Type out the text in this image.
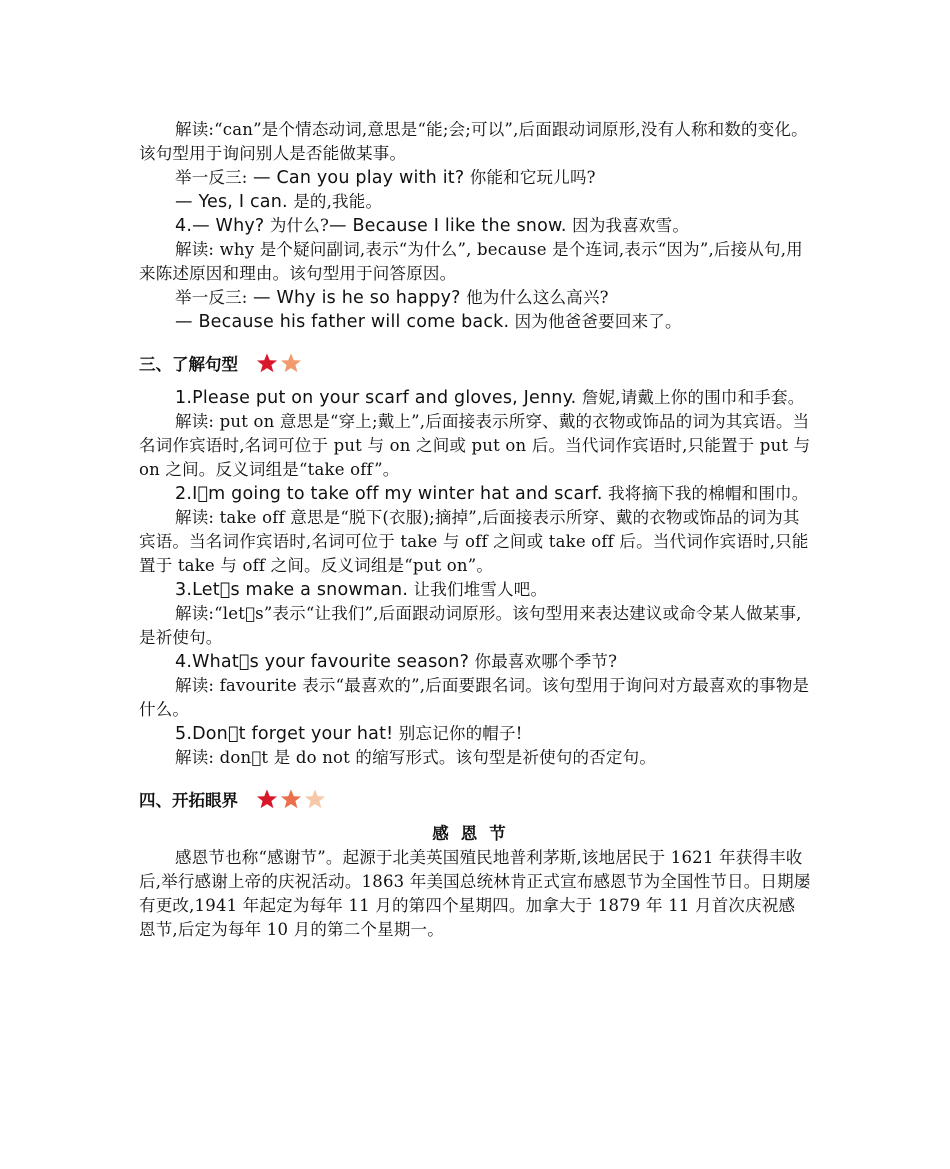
解读:“can”是个情态动词,意思是“能;会;可以”,后面跟动词原形,没有人称和数的变化。该句型用于询问别人是否能做某事。

举一反三: — Can you play with it? 你能和它玩儿吗?

— Yes, I can. 是的,我能。

4.— Why? 为什么?— Because I like the snow. 因为我喜欢雪。

解读: why 是个疑问副词,表示“为什么”, because 是个连词,表示“因为”,后接从句,用来陈述原因和理由。该句型用于问答原因。

举一反三: — Why is he so happy? 他为什么这么高兴?

— Because his father will come back. 因为他爸爸要回来了。

三、了解句型

1.Please put on your scarf and gloves, Jenny. 詹妮,请戴上你的围巾和手套。

解读: put on 意思是“穿上;戴上”,后面接表示所穿、戴的衣物或饰品的词为其宾语。当名词作宾语时,名词可位于 put 与 on 之间或 put on 后。当代词作宾语时,只能置于 put 与 on 之间。反义词组是“take off”。

2.I m going to take off my winter hat and scarf. 我将摘下我的棉帽和围巾。

解读: take off 意思是“脱下(衣服);摘掉”,后面接表示所穿、戴的衣物或饰品的词为其宾语。当名词作宾语时,名词可位于 take 与 off 之间或 take off 后。当代词作宾语时,只能置于 take 与 off 之间。反义词组是“put on”。

3.Let s make a snowman. 让我们堆雪人吧。

解读:“let s”表示“让我们”,后面跟动词原形。该句型用来表达建议或命令某人做某事,是祈使句。

4.What s your favourite season? 你最喜欢哪个季节?

解读: favourite 表示“最喜欢的”,后面要跟名词。该句型用于询问对方最喜欢的事物是什么。

5.Don t forget your hat! 别忘记你的帽子!

解读: don t 是 do not 的缩写形式。该句型是祈使句的否定句。

四、开拓眼界

感恩节

感恩节也称“感谢节”。起源于北美英国殖民地普利茅斯,该地居民于 1621 年获得丰收后,举行感谢上帝的庆祝活动。1863 年美国总统林肯正式宣布感恩节为全国性节日。日期屡有更改,1941 年起定为每年 11 月的第四个星期四。加拿大于 1879 年 11 月首次庆祝感恩节,后定为每年 10 月的第二个星期一。
